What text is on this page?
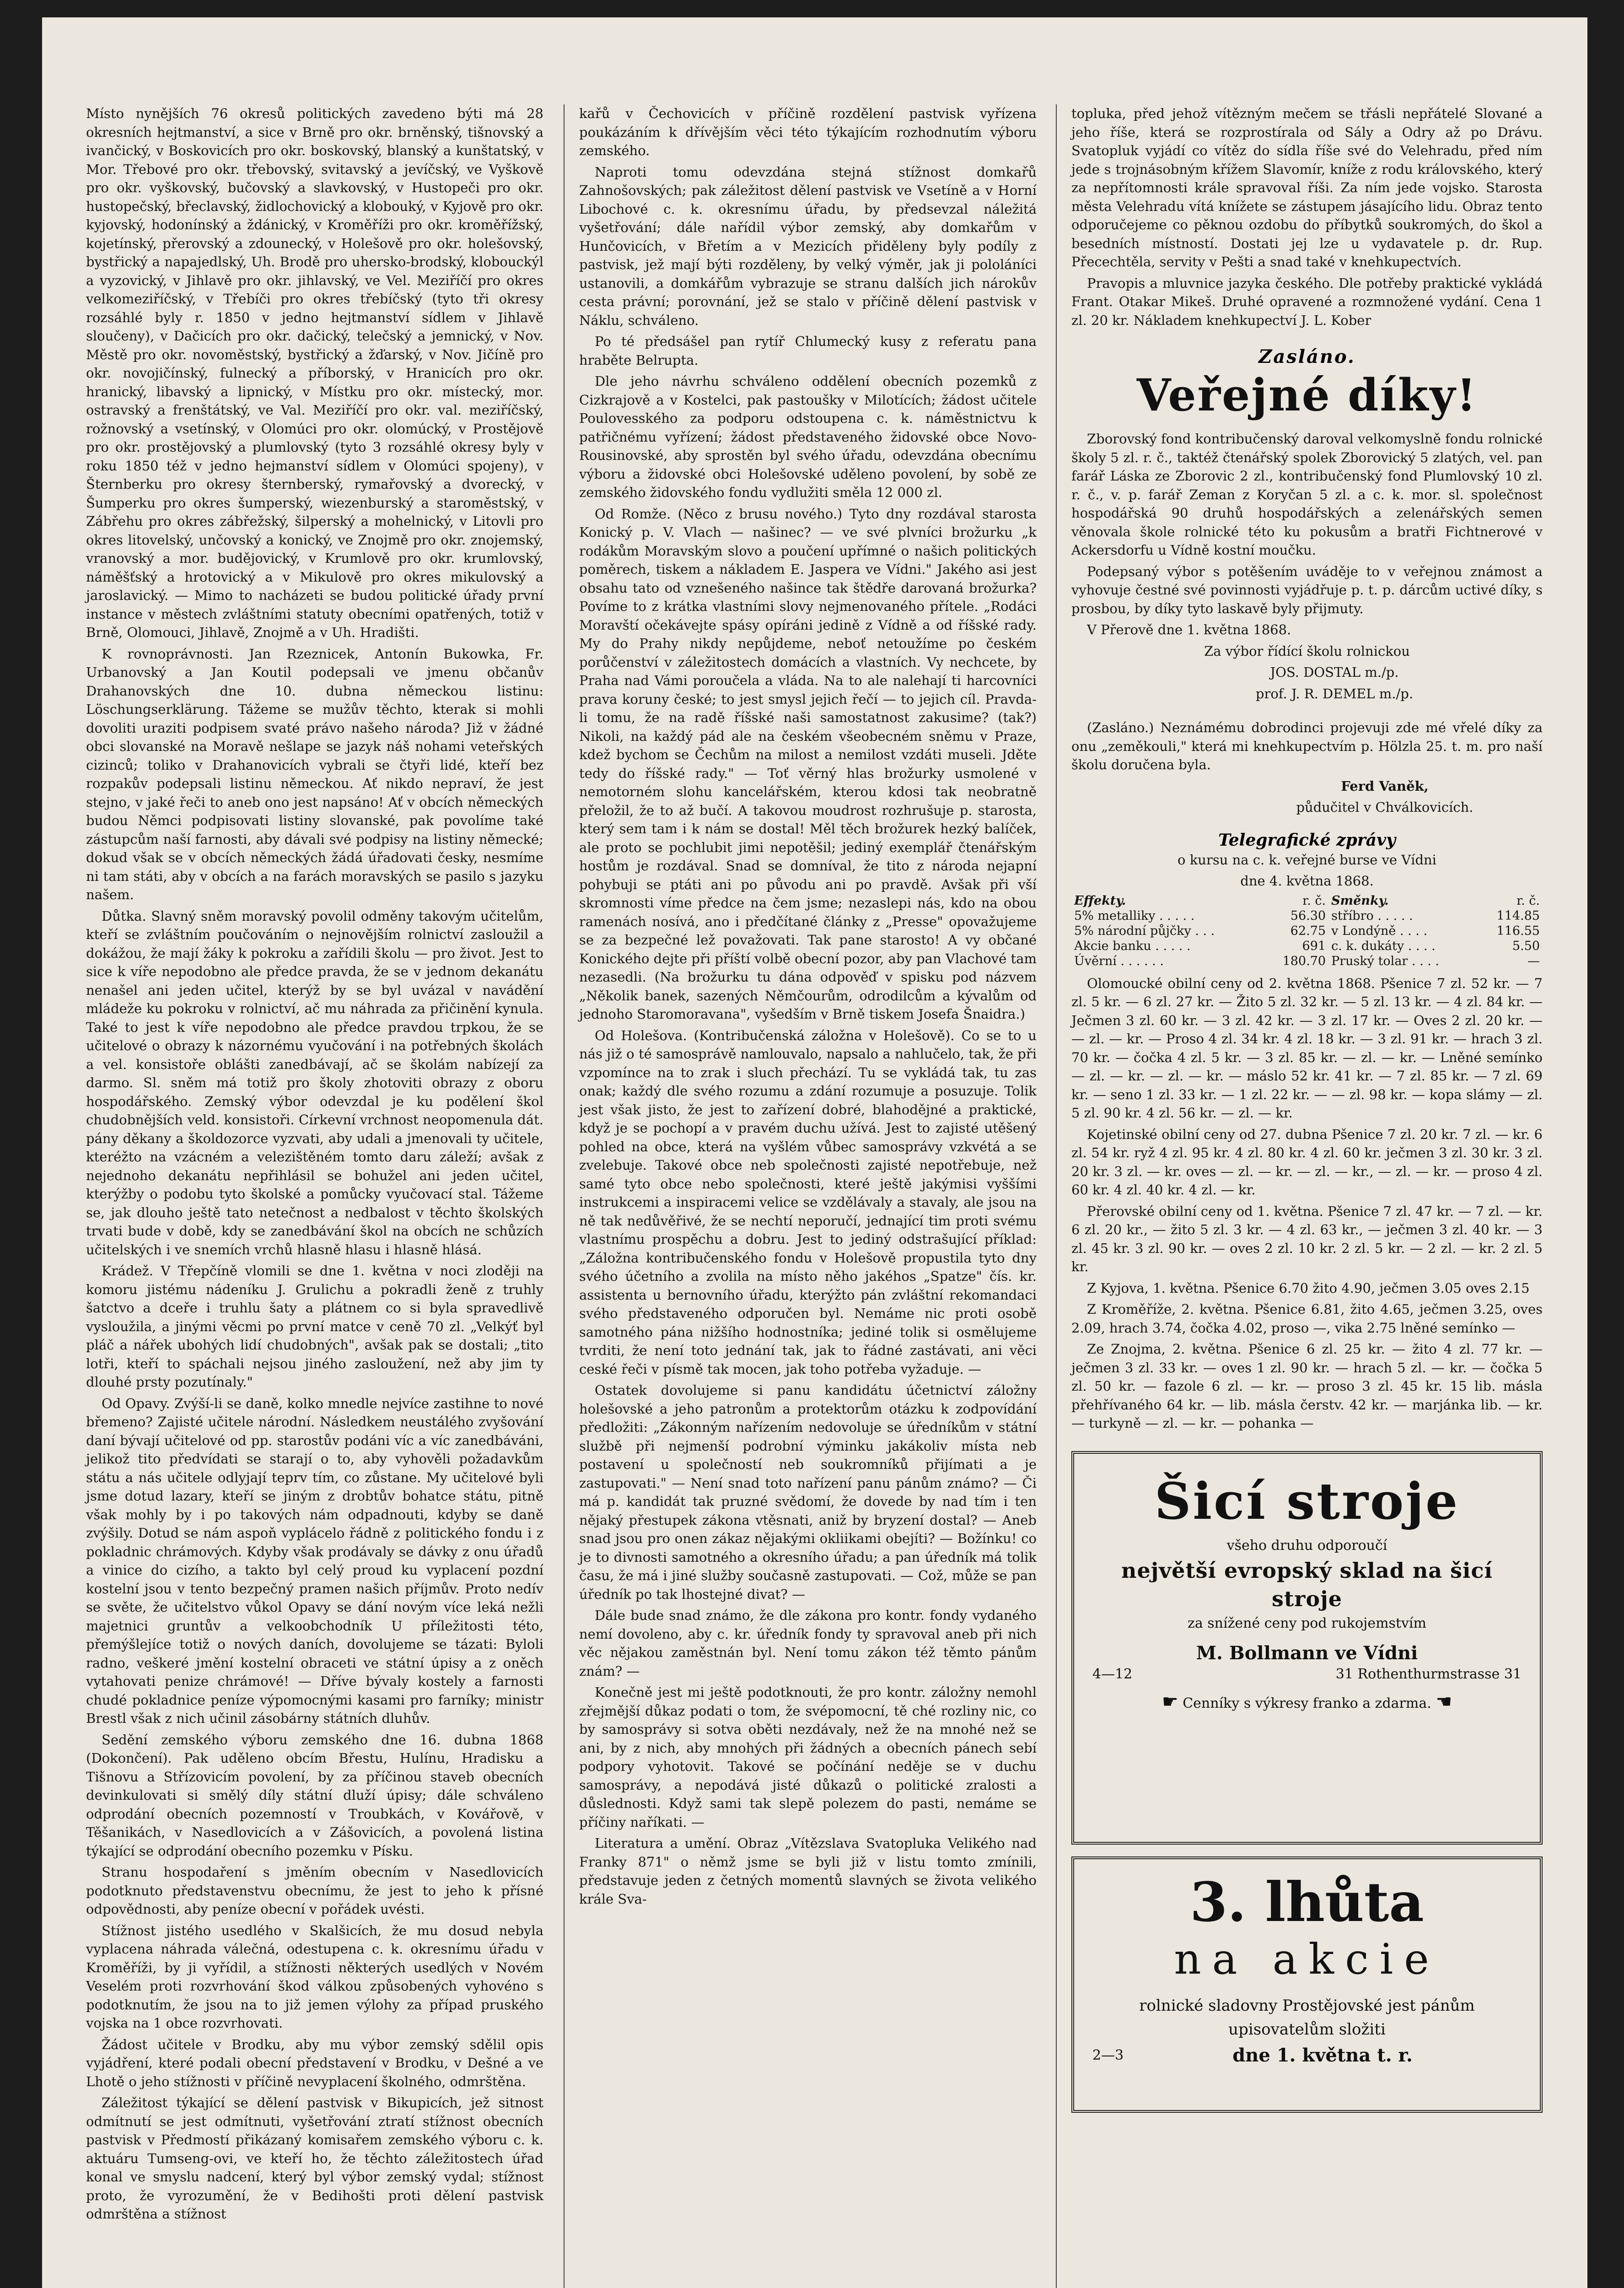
Místo nynějších 76 okresů politických zavedeno býti má 28 okresních hejtmanství, a sice v Brně pro okr. brněnský, tišnovský a ivančický, v Boskovicích pro okr. boskovský, blanský a kunštatský, v Mor. Třebové pro okr. třebovský, svitavský a jevíčský, ve Vyškově pro okr. vyškovský, bučovský a slavkovský, v Hustopeči pro okr. hustopečský, břeclavský, židlochovický a klobouký, v Kyjově pro okr. kyjovský, hodonínský a ždánický, v Kroměříži pro okr. kroměřížský, kojetínský, přerovský a zdounecký, v Holešově pro okr. holešovský, bystřický a napajedlský, Uh. Brodě pro uhersko-brodský, klobouckýl a vyzovický, v Jihlavě pro okr. jihlavský, ve Vel. Meziříčí pro okres velkomeziříčský, v Třebíči pro okres třebíčský (tyto tři okresy rozsáhlé byly r. 1850 v jedno hejtmanství sídlem v Jihlavě sloučeny), v Dačicích pro okr. dačický, telečský a jemnický, v Nov. Městě pro okr. novoměstský, bystřický a žďarský, v Nov. Jičíně pro okr. novojičínský, fulnecký a příborský, v Hranicích pro okr. hranický, libavský a lipnický, v Místku pro okr. místecký, mor. ostravský a frenštátský, ve Val. Meziříčí pro okr. val. meziříčský, rožnovský a vsetínský, v Olomúci pro okr. olomúcký, v Prostějově pro okr. prostějovský a plumlovský (tyto 3 rozsáhlé okresy byly v roku 1850 též v jedno hejmanství sídlem v Olomúci spojeny), v Šternberku pro okresy šternberský, rymařovský a dvorecký, v Šumperku pro okres šumperský, wiezenburský a staroměstský, v Zábřehu pro okres zábřežský, šilperský a mohelnický, v Litovli pro okres litovelský, unčovský a konický, ve Znojmě pro okr. znojemský, vranovský a mor. budějovický, v Krumlově pro okr. krumlovský, náměšťský a hrotovický a v Mikulově pro okres mikulovský a jaroslavický. — Mimo to nacházeti se budou politické úřady první instance v městech zvláštními statuty obecními opatřených, totiž v Brně, Olomouci, Jihlavě, Znojmě a v Uh. Hradišti.

K rovnoprávnosti. Jan Rzeznicek, Antonín Bukowka, Fr. Urbanovský a Jan Koutil podepsali ve jmenu občanův Drahanovských dne 10. dubna německou listinu: Löschungserklärung. Tážeme se mužův těchto, kterak si mohli dovoliti uraziti podpisem svaté právo našeho národa? Již v žádné obci slovanské na Moravě nešlape se jazyk náš nohami veteřských cizinců; toliko v Drahanovicích vybrali se čtyři lidé, kteří bez rozpakův podepsali listinu německou. Ať nikdo nepraví, že jest stejno, v jaké řeči to aneb ono jest napsáno! Ať v obcích německých budou Němci podpisovati listiny slovanské, pak povolíme také zástupcům naší farnosti, aby dávali své podpisy na listiny německé; dokud však se v obcích německých žádá úřadovati česky, nesmíme ni tam státi, aby v obcích a na farách moravských se pasilo s jazyku našem.

Důtka. Slavný sněm moravský povolil odměny takovým učitelům, kteří se zvláštním poučováním o nejnovějším rolnictví zasloužil a dokážou, že mají žáky k pokroku a zařídili školu — pro život. Jest to sice k víře nepodobno ale předce pravda, že se v jednom dekanátu nenašel ani jeden učitel, kterýž by se byl uvázal v navádění mládeže ku pokroku v rolnictví, ač mu náhrada za přičinění kynula. Také to jest k víře nepodobno ale předce pravdou trpkou, že se učitelové o obrazy k názornému vyučování i na potřebných školách a vel. konsistoře oblášti zanedbávají, ač se školám nabízejí za darmo. Sl. sněm má totiž pro školy zhotoviti obrazy z oboru hospodářského. Zemský výbor odevzdal je ku podělení škol chudobnějších veld. konsistoři. Církevní vrchnost neopomenula dát. pány děkany a školdozorce vyzvati, aby udali a jmenovali ty učitele, kteréžto na vzácném a velezištěném tomto daru záleží; avšak z nejednoho dekanátu nepřihlásil se bohužel ani jeden učitel, kterýžby o podobu tyto školské a pomůcky vyučovací stal. Tážeme se, jak dlouho ještě tato netečnost a nedbalost v těchto školských trvati bude v době, kdy se zanedbávání škol na obcích ne schůzích učitelských i ve snemích vrchů hlasně hlasu i hlasně hlásá.

Krádež. V Třepčíně vlomili se dne 1. května v noci zloději na komoru jistému nádeníku J. Grulichu a pokradli ženě z truhly šatctvo a dceře i truhlu šaty a plátnem co si byla spravedlivě vysloužila, a jinými věcmi po první matce v ceně 70 zl. „Velkýť byl pláč a nářek ubohých lidí chudobných", avšak pak se dostali; „tito lotři, kteří to spáchali nejsou jiného zasloužení, než aby jim ty dlouhé prsty pozutínaly."

Od Opavy. Zvýší-li se daně, kolko mnedle nejvíce zastihne to nové břemeno? Zajisté učitele národní. Následkem neustálého zvyšování daní bývají učitelové od pp. starostův podáni víc a víc zanedbáváni, jelikož tito předvídati se starají o to, aby vyhověli požadavkům státu a nás učitele odlyjají teprv tím, co zůstane. My učitelové byli jsme dotud lazary, kteří se jiným z drobtův bohatce státu, pitně však mohly by i po takových nám odpadnouti, kdyby se daně zvýšily. Dotud se nám aspoň vyplácelo řádně z politického fondu i z pokladnic chrámových. Kdyby však prodávaly se dávky z onu úřadů a vinice do cizího, a takto byl celý proud ku vyplacení pozdní kostelní jsou v tento bezpečný pramen našich příjmův. Proto nedív se světe, že učitelstvo vůkol Opavy se dání novým více leká nežli majetnici gruntův a velkoobchodník U příležitosti této, přemýšlejíce totiž o nových daních, dovolujeme se tázati: Byloli radno, veškeré jmění kostelní obraceti ve státní úpisy a z oněch vytahovati penize chrámové! — Dříve bývaly kostely a farnosti chudé pokladnice peníze výpomocnými kasami pro farníky; ministr Brestl však z nich učinil zásobárny státních dluhův.

Sedění zemského výboru zemského dne 16. dubna 1868 (Dokončení). Pak uděleno obcím Břestu, Hulínu, Hradisku a Tišnovu a Střízovicím povolení, by za příčinou staveb obecních devinkulovati si smělý díly státní dluží úpisy; dále schváleno odprodání obecních pozemností v Troubkách, v Kovářově, v Těšanikách, v Nasedlovicích a v Zášovicích, a povolená listina týkající se odprodání obecního pozemku v Písku.

Stranu hospodaření s jměním obecním v Nasedlovicích podotknuto představenstvu obecnímu, že jest to jeho k přísné odpovědnosti, aby peníze obecní v pořádek uvésti.

Stížnost jistého usedlého v Skalšicích, že mu dosud nebyla vyplacena náhrada válečná, odestupena c. k. okresnímu úřadu v Kroměříži, by ji vyřídil, a stížnosti některých usedlých v Novém Veselém proti rozvrhování škod válkou způsobených vyhovéno s podotknutím, že jsou na to již jemen výlohy za případ pruského vojska na 1 obce rozvrhovati.

Žádost učitele v Brodku, aby mu výbor zemský sdělil opis vyjádření, které podali obecní představení v Brodku, v Dešné a ve Lhotě o jeho stížnosti v příčině nevyplacení školného, odmrštěna.

Záležitost týkající se dělení pastvisk v Bikupicích, jež sitnost odmítnutí se jest odmítnuti, vyšetřování ztratí stížnost obecních pastvisk v Předmostí přikázaný komisařem zemského výboru c. k. aktuáru Tumseng-ovi, ve kteří ho, že těchto záležitostech úřad konal ve smyslu nadcení, který byl výbor zemský vydal; stížnost proto, že vyrozumění, že v Bedihošti proti dělení pastvisk odmrštěna a stížnost

kařů v Čechovicích v příčině rozdělení pastvisk vyřízena poukázáním k dřívějším věci této týkajícím rozhodnutím výboru zemského.

Naproti tomu odevzdána stejná stížnost domkařů Zahnošovských; pak záležitost dělení pastvisk ve Vsetíně a v Horní Libochové c. k. okresnímu úřadu, by předsevzal náležitá vyšetřování; dále nařídil výbor zemský, aby domkařům v Hunčovicích, v Břetím a v Mezicích přiděleny byly podíly z pastvisk, jež mají býti rozděleny, by velký výměr, jak ji pololáníci ustanovili, a domkářům vybrazuje se stranu dalších jich nárokův cesta právní; porovnání, jež se stalo v příčině dělení pastvisk v Náklu, schváleno.

Po té předsášel pan rytíř Chlumecký kusy z referatu pana hraběte Belrupta.

Dle jeho návrhu schváleno oddělení obecních pozemků z Cizkrajově a v Kostelci, pak pastoušky v Milotících; žádost učitele Poulovesského za podporu odstoupena c. k. náměstnictvu k patřičnému vyřízení; žádost představeného židovské obce Novo-Rousinovské, aby sprostěn byl svého úřadu, odevzdána obecnímu výboru a židovské obci Holešovské uděleno povolení, by sobě ze zemského židovského fondu vydlužiti směla 12 000 zl.

Od Romže. (Něco z brusu nového.) Tyto dny rozdával starosta Konický p. V. Vlach — našinec? — ve své plvníci brožurku „k rodákům Moravským slovo a poučení upřímné o našich politických poměrech, tiskem a nákladem E. Jaspera ve Vídni." Jakého asi jest obsahu tato od vznešeného našince tak štědře darovaná brožurka? Povíme to z krátka vlastními slovy nejmenovaného přítele. „Rodáci Moravští očekávejte spásy opíráni jedině z Vídně a od říšské rady. My do Prahy nikdy nepůjdeme, neboť netoužíme po českém porůčenství v záležitostech domácích a vlastních. Vy nechcete, by Praha nad Vámi poroučela a vláda. Na to ale nalehají ti harcovníci prava koruny české; to jest smysl jejich řečí — to jejich cíl. Pravda-li tomu, že na radě říšské naši samostatnost zakusime? (tak?) Nikoli, na každý pád ale na českém všeobecném sněmu v Praze, kdež bychom se Čechům na milost a nemilost vzdáti museli. Jděte tedy do říšské rady." — Toť věrný hlas brožurky usmolené v nemotorném slohu kancelářském, kterou kdosi tak neobratně přeložil, že to až bučí. A takovou moudrost rozhrušuje p. starosta, který sem tam i k nám se dostal! Měl těch brožurek hezký balíček, ale proto se pochlubit jimi nepotěšil; jediný exemplář čtenářským hostům je rozdával. Snad se domníval, že tito z národa nejapní pohybuji se ptáti ani po původu ani po pravdě. Avšak při vší skromnosti víme předce na čem jsme; nezaslepi nás, kdo na obou ramenách nosívá, ano i předčítané články z „Presse" opovažujeme se za bezpečné lež považovati. Tak pane starosto! A vy občané Konického dejte při příští volbě obecní pozor, aby pan Vlachové tam nezasedli. (Na brožurku tu dána odpověď v spisku pod názvem „Několik banek, sazených Němčourům, odrodilcům a kývalům od jednoho Staromoravana", vyšedším v Brně tiskem Josefa Šnaidra.)

Od Holešova. (Kontribučenská záložna v Holešově). Co se to u nás již o té samosprávě namlouvalo, napsalo a nahlučelo, tak, že při vzpomínce na to zrak i sluch přechází. Tu se vykládá tak, tu zas onak; každý dle svého rozumu a zdání rozumuje a posuzuje. Tolik jest však jisto, že jest to zařízení dobré, blahodějné a praktické, když je se pochopí a v pravém duchu užívá. Jest to zajisté utěšený pohled na obce, která na vyšlém vůbec samosprávy vzkvétá a se zvelebuje. Takové obce neb společnosti zajisté nepotřebuje, než samé tyto obce nebo společnosti, které ještě jakýmisi vyššími instrukcemi a inspiracemi velice se vzdělávaly a stavaly, ale jsou na ně tak nedůvěřivé, že se nechtí neporučí, jednající tim proti svému vlastnímu prospěchu a dobru. Jest to jediný odstrašující příklad: „Záložna kontribučenského fondu v Holešově propustila tyto dny svého účetního a zvolila na místo něho jakéhos „Spatze" čís. kr. assistenta u bernovního úřadu, kterýžto pán zvláštní rekomandaci svého představeného odporučen byl. Nemáme nic proti osobě samotného pána nižšího hodnostníka; jediné tolik si osmělujeme tvrditi, že není toto jednání tak, jak to řádné zastávati, ani věci ceské řeči v písmě tak mocen, jak toho potřeba vyžaduje. —

Ostatek dovolujeme si panu kandidátu účetnictví záložny holešovské a jeho patronům a protektorům otázku k zodpovídání předložiti: „Zákonným nařízením nedovoluje se úředníkům v státní službě při nejmenší podrobní výminku jakákoliv místa neb postavení u společností neb soukromníků přijímati a je zastupovati." — Není snad toto nařízení panu pánům známo? — Či má p. kandidát tak pruzné svědomí, že dovede by nad tím i ten nějaký přestupek zákona vtěsnati, aniž by bryzení dostal? — Aneb snad jsou pro onen zákaz nějakými okliikami obejíti? — Božínku! co je to divnosti samotného a okresního úřadu; a pan úředník má tolik času, že má i jiné služby současně zastupovati. — Což, může se pan úředník po tak lhostejné divat? —

Dále bude snad známo, že dle zákona pro kontr. fondy vydaného nemí dovoleno, aby c. kr. úředník fondy ty spravoval aneb při nich věc nějakou zaměstnán byl. Není tomu zákon též těmto pánům znám? —

Konečně jest mi ještě podotknouti, že pro kontr. záložny nemohl zřejmější důkaz podati o tom, že svépomocní, tě ché rozliny nic, co by samosprávy si sotva oběti nezdávaly, než že na mnohé než se ani, by z nich, aby mnohých při žádných a obecních pánech sebí podpory vyhotovit. Takové se počínání neděje se v duchu samosprávy, a nepodává jisté důkazů o politické zralosti a důslednosti. Když sami tak slepě polezem do pasti, nemáme se příčiny naříkati. —

Literatura a umění. Obraz „Vítězslava Svatopluka Velikého nad Franky 871" o němž jsme se byli již v listu tomto zmínili, představuje jeden z četných momentů slavných se života velikého krále Sva-

topluka, před jehož vítězným mečem se třásli nepřátelé Slované a jeho říše, která se rozprostírala od Sály a Odry až po Drávu. Svatopluk vyjádí co vítěz do sídla říše své do Velehradu, před ním jede s trojnásobným křížem Slavomír, kníže z rodu královského, který za nepřítomnosti krále spravoval říši. Za ním jede vojsko. Starosta města Velehradu vítá knížete se zástupem jásajícího lidu. Obraz tento odporučejeme co pěknou ozdobu do příbytků soukromých, do škol a besedních místností. Dostati jej lze u vydavatele p. dr. Rup. Přecechtěla, servity v Pešti a snad také v knehkupectvích.

Pravopis a mluvnice jazyka českého. Dle potřeby praktické vykládá Frant. Otakar Mikeš. Druhé opravené a rozmnožené vydání. Cena 1 zl. 20 kr. Nákladem knehkupectví J. L. Kober

Zasláno.
Veřejné díky!

Zborovský fond kontribučenský daroval velkomyslně fondu rolnické školy 5 zl. r. č., taktéž čtenářský spolek Zborovický 5 zlatých, vel. pan farář Láska ze Zborovic 2 zl., kontribučenský fond Plumlovský 10 zl. r. č., v. p. farář Zeman z Koryčan 5 zl. a c. k. mor. sl. společnost hospodářská 90 druhů hospodářských a zelenářských semen věnovala škole rolnické této ku pokusům a bratři Fichtnerové v Ackersdorfu u Vídně kostní moučku.

Podepsaný výbor s potěšením uváděje to v veřejnou známost a vyhovuje čestné své povinnosti vyjádřuje p. t. p. dárcům uctivé díky, s prosbou, by díky tyto laskavě byly přijmuty.

V Přerově dne 1. května 1868.

Za výbor řídící školu rolnickou

JOS. DOSTAL m./p.

prof. J. R. DEMEL m./p.

(Zasláno.) Neznámému dobrodinci projevuji zde mé vřelé díky za onu „zeměkouli," která mi knehkupectvím p. Hölzla 25. t. m. pro naší školu doručena byla.

Ferd Vaněk,

půdučitel v Chválkovicích.

Telegrafické zprávy

o kursu na c. k. veřejné burse ve Vídni

dne 4. května 1868.

Effekty.	r. č.	Směnky.	r. č.
5% metalliky . . . . .	56.30	stříbro . . . . .	114.85
5% národní půjčky . . .	62.75	v Londýně . . . .	116.55
Akcie banku . . . . .	691	c. k. dukáty . . . .	5.50
Úvěrní . . . . . .	180.70	Pruský tolar . . . .	—

Olomoucké obilní ceny od 2. května 1868. Pšenice 7 zl. 52 kr. — 7 zl. 5 kr. — 6 zl. 27 kr. — Žito 5 zl. 32 kr. — 5 zl. 13 kr. — 4 zl. 84 kr. — Ječmen 3 zl. 60 kr. — 3 zl. 42 kr. — 3 zl. 17 kr. — Oves 2 zl. 20 kr. — — zl. — kr. — Proso 4 zl. 34 kr. 4 zl. 18 kr. — 3 zl. 91 kr. — hrach 3 zl. 70 kr. — čočka 4 zl. 5 kr. — 3 zl. 85 kr. — zl. — kr. — Lněné semínko — zl. — kr. — zl. — kr. — máslo 52 kr. 41 kr. — 7 zl. 85 kr. — 7 zl. 69 kr. — seno 1 zl. 33 kr. — 1 zl. 22 kr. — — zl. 98 kr. — kopa slámy — zl. 5 zl. 90 kr. 4 zl. 56 kr. — zl. — kr.

Kojetinské obilní ceny od 27. dubna Pšenice 7 zl. 20 kr. 7 zl. — kr. 6 zl. 54 kr. ryž 4 zl. 95 kr. 4 zl. 80 kr. 4 zl. 60 kr. ječmen 3 zl. 30 kr. 3 zl. 20 kr. 3 zl. — kr. oves — zl. — kr. — zl. — kr., — zl. — kr. — proso 4 zl. 60 kr. 4 zl. 40 kr. 4 zl. — kr.

Přerovské obilní ceny od 1. května. Pšenice 7 zl. 47 kr. — 7 zl. — kr. 6 zl. 20 kr., — žito 5 zl. 3 kr. — 4 zl. 63 kr., — ječmen 3 zl. 40 kr. — 3 zl. 45 kr. 3 zl. 90 kr. — oves 2 zl. 10 kr. 2 zl. 5 kr. — 2 zl. — kr. 2 zl. 5 kr.

Z Kyjova, 1. května. Pšenice 6.70 žito 4.90, ječmen 3.05 oves 2.15

Z Kroměříže, 2. května. Pšenice 6.81, žito 4.65, ječmen 3.25, oves 2.09, hrach 3.74, čočka 4.02, proso —, vika 2.75 lněné semínko —

Ze Znojma, 2. května. Pšenice 6 zl. 25 kr. — žito 4 zl. 77 kr. — ječmen 3 zl. 33 kr. — oves 1 zl. 90 kr. — hrach 5 zl. — kr. — čočka 5 zl. 50 kr. — fazole 6 zl. — kr. — proso 3 zl. 45 kr. 15 lib. másla přehřívaného 64 kr. — lib. másla čerstv. 42 kr. — marjánka lib. — kr. — turkyně — zl. — kr. — pohanka —

Šicí stroje
všeho druhu odporoučí
největší evropský sklad na šicí stroje
za snížené ceny pod rukojemstvím
M. Bollmann ve Vídni
4—12	31 Rothenthurmstrasse 31
☛ Cenníky s výkresy franko a zdarma. ☚
3. lhůta
na akcie
rolnické sladovny Prostějovské jest pánům upisovatelům složiti
2—3	dne 1. května t. r.
